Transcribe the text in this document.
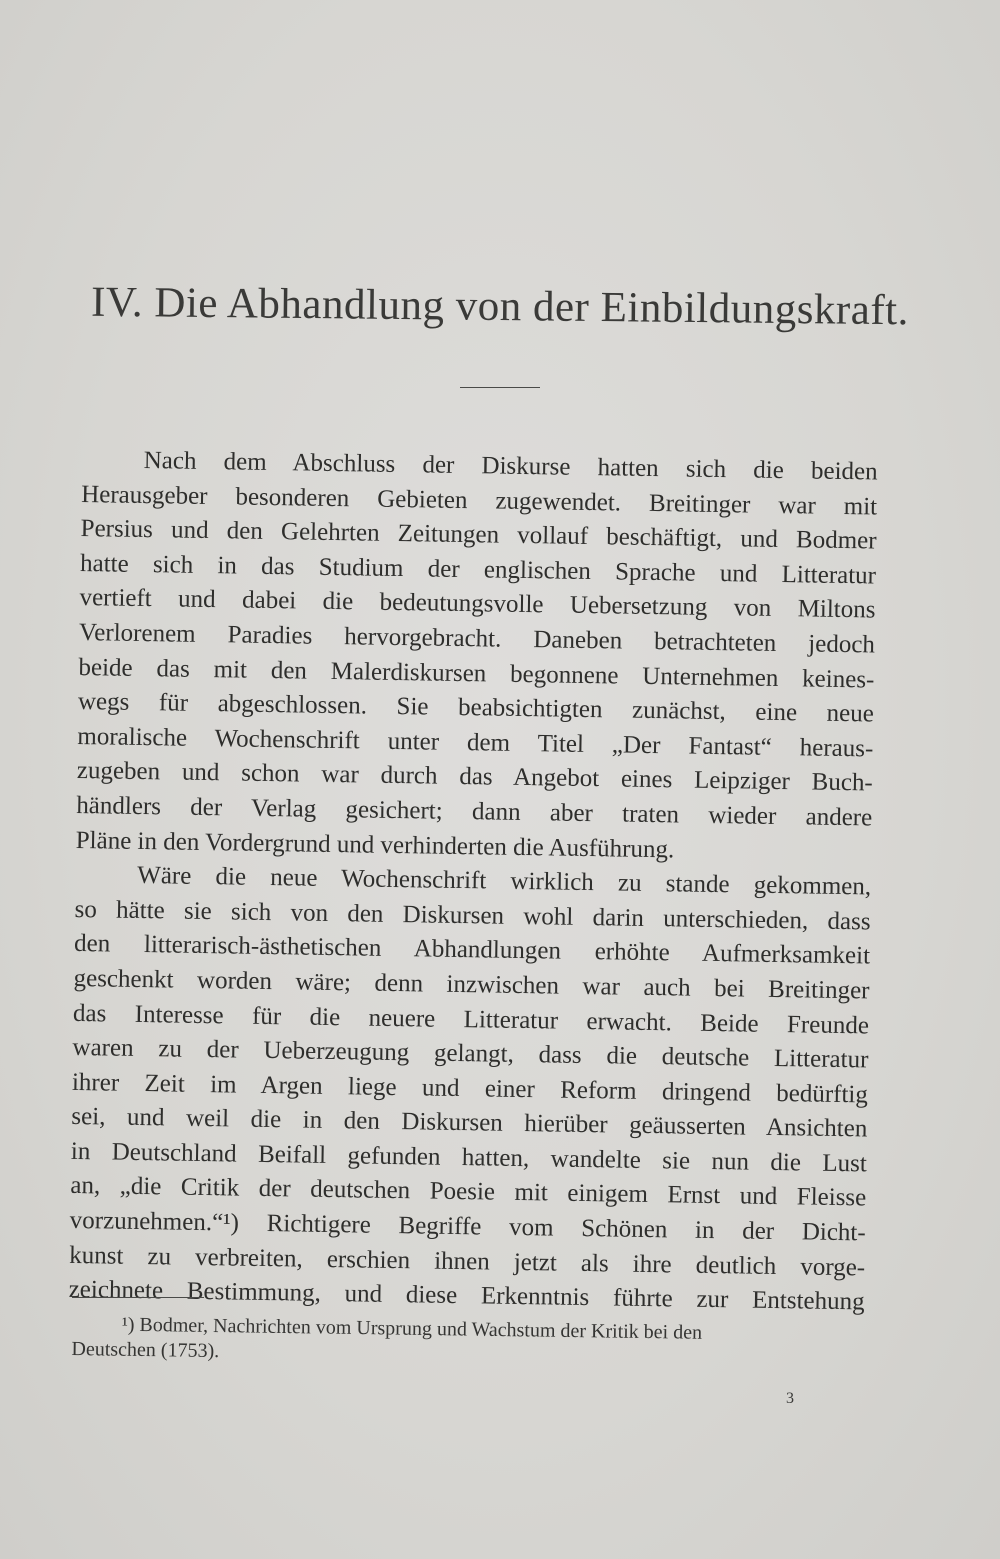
IV. Die Abhandlung von der Einbildungskraft.
Nach dem Abschluss der Diskurse hatten sich die beiden
Herausgeber besonderen Gebieten zugewendet. Breitinger war mit
Persius und den Gelehrten Zeitungen vollauf beschäftigt, und Bodmer
hatte sich in das Studium der englischen Sprache und Litteratur
vertieft und dabei die bedeutungsvolle Uebersetzung von Miltons
Verlorenem Paradies hervorgebracht. Daneben betrachteten jedoch
beide das mit den Malerdiskursen begonnene Unternehmen keines-
wegs für abgeschlossen. Sie beabsichtigten zunächst, eine neue
moralische Wochenschrift unter dem Titel „Der Fantast“ heraus-
zugeben und schon war durch das Angebot eines Leipziger Buch-
händlers der Verlag gesichert; dann aber traten wieder andere
Pläne in den Vordergrund und verhinderten die Ausführung.
Wäre die neue Wochenschrift wirklich zu stande gekommen,
so hätte sie sich von den Diskursen wohl darin unterschieden, dass
den litterarisch-ästhetischen Abhandlungen erhöhte Aufmerksamkeit
geschenkt worden wäre; denn inzwischen war auch bei Breitinger
das Interesse für die neuere Litteratur erwacht. Beide Freunde
waren zu der Ueberzeugung gelangt, dass die deutsche Litteratur
ihrer Zeit im Argen liege und einer Reform dringend bedürftig
sei, und weil die in den Diskursen hierüber geäusserten Ansichten
in Deutschland Beifall gefunden hatten, wandelte sie nun die Lust
an, „die Critik der deutschen Poesie mit einigem Ernst und Fleisse
vorzunehmen.“¹) Richtigere Begriffe vom Schönen in der Dicht-
kunst zu verbreiten, erschien ihnen jetzt als ihre deutlich vorge-
zeichnete Bestimmung, und diese Erkenntnis führte zur Entstehung
¹) Bodmer, Nachrichten vom Ursprung und Wachstum der Kritik bei den
Deutschen (1753).
3
